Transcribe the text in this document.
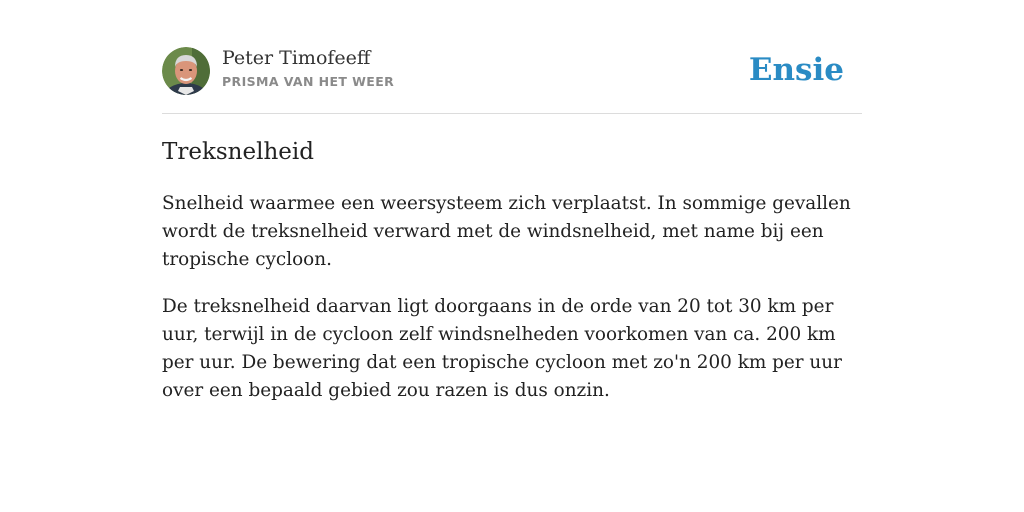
Peter Timofeeff
PRISMA VAN HET WEER	Ensie
Treksnelheid

Snelheid waarmee een weersysteem zich verplaatst. In sommige gevallen wordt de treksnelheid verward met de windsnelheid, met name bij een tropische cycloon.

De treksnelheid daarvan ligt doorgaans in de orde van 20 tot 30 km per uur, terwijl in de cycloon zelf windsnelheden voorkomen van ca. 200 km per uur. De bewering dat een tropische cycloon met zo'n 200 km per uur over een bepaald gebied zou razen is dus onzin.
